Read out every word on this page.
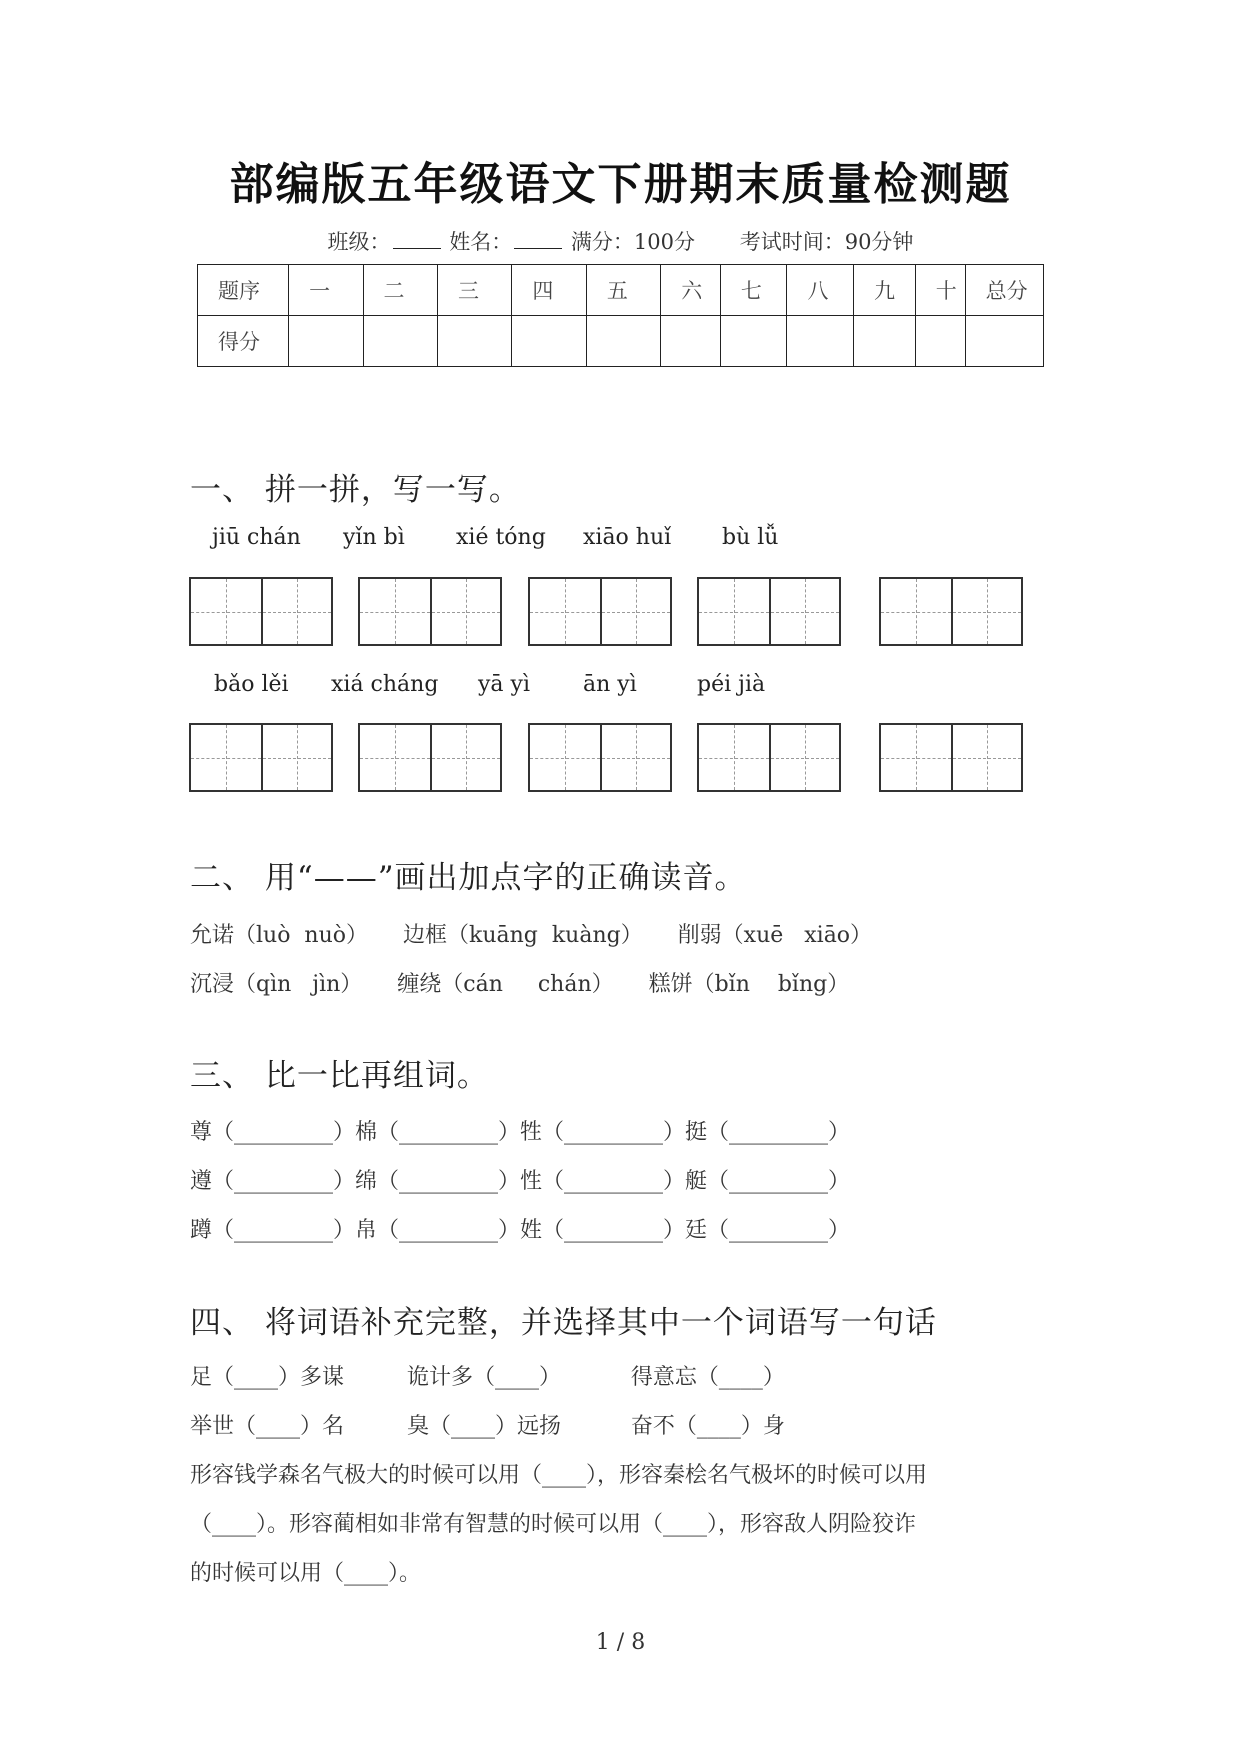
部编版五年级语文下册期末质量检测题
班级：	姓名：	满分：100分 考试时间：90分钟
题序	一	二	三	四	五	六	七	八	九	十	总分
得分											
一、 拼一拼，写一写。
jiū chán yǐn bì xié tóng xiāo huǐ bù lǚ
bǎo lěi xiá cháng yā yì ān yì	péi jià
二、 用“——”画出加点字的正确读音。
允诺（luò  nuò）     边框（kuāng  kuàng）     削弱（xuē   xiāo）
沉浸（qìn   jìn）     缠绕（cán     chán）     糕饼（bǐn    bǐng）
三、 比一比再组词。
尊（_________）棉（_________）牲（_________）挺（_________）
遵（_________）绵（_________）性（_________）艇（_________）
蹲（_________）帛（_________）姓（_________）廷（_________）
四、 将词语补充完整，并选择其中一个词语写一句话
足（____）多谋         诡计多（____）          得意忘（____）
举世（____）名         臭（____）远扬          奋不（____）身
形容钱学森名气极大的时候可以用（____），形容秦桧名气极坏的时候可以用
（____）。形容蔺相如非常有智慧的时候可以用（____），形容敌人阴险狡诈
的时候可以用（____）。
1 / 8
